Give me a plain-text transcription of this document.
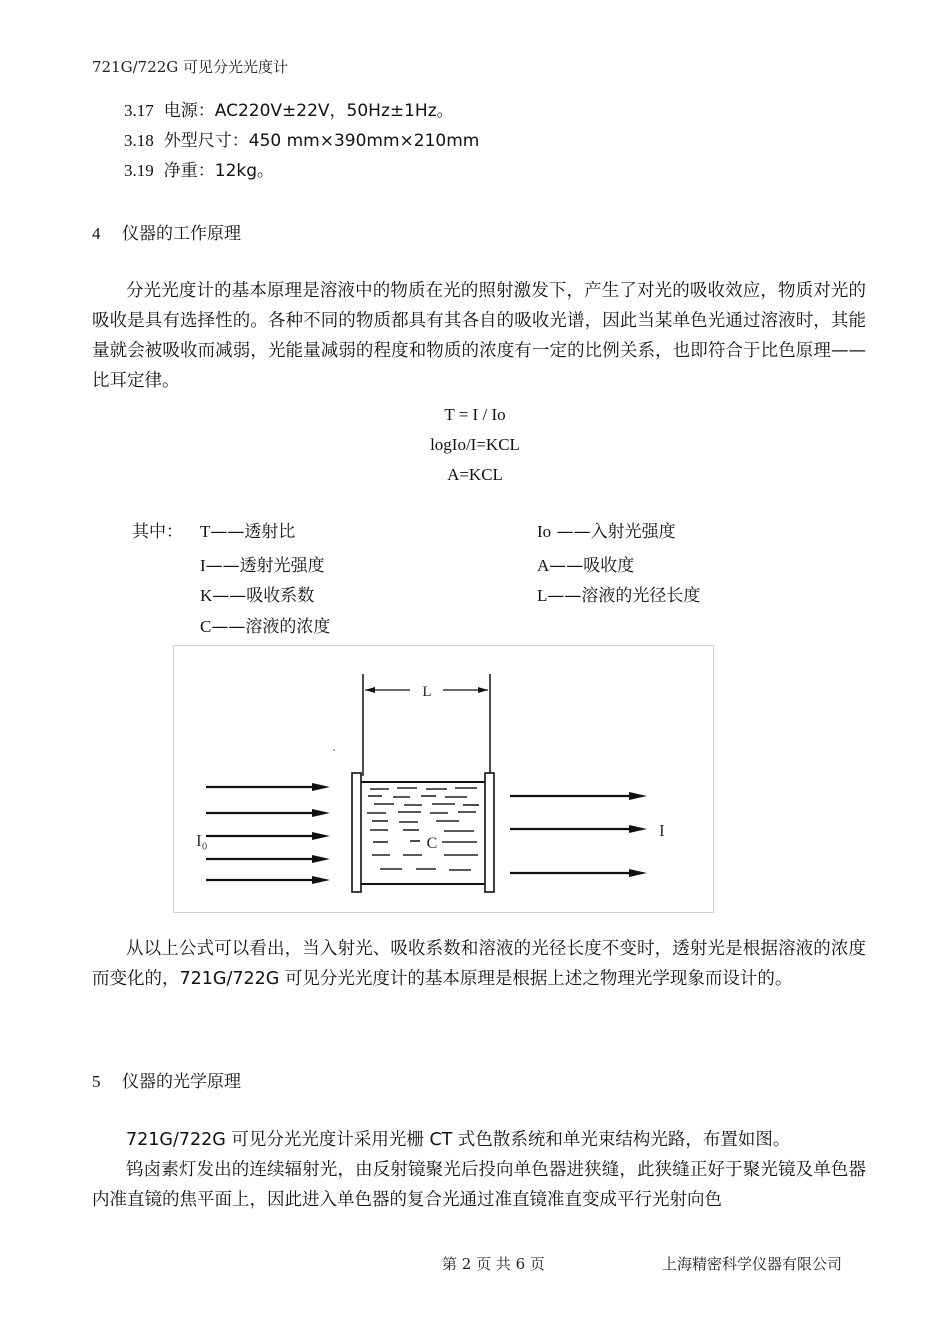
721G/722G 可见分光光度计
3.17 电源：AC220V±22V，50Hz±1Hz。
3.18 外型尺寸：450 mm×390mm×210mm
3.19 净重：12kg。
4 仪器的工作原理

分光光度计的基本原理是溶液中的物质在光的照射激发下，产生了对光的吸收效应，物质对光的吸收是具有选择性的。各种不同的物质都具有其各自的吸收光谱，因此当某单色光通过溶液时，其能量就会被吸收而减弱，光能量减弱的程度和物质的浓度有一定的比例关系，也即符合于比色原理——比耳定律。

T = I / Io
logIo/I=KCL
A=KCL
其中： T——透射比	Io ——入射光强度
I——透射光强度	A——吸收度
K——吸收系数	L——溶液的光径长度
C——溶液的浓度
L
I₀	C
I

从以上公式可以看出，当入射光、吸收系数和溶液的光径长度不变时，透射光是根据溶液的浓度而变化的，721G/722G 可见分光光度计的基本原理是根据上述之物理光学现象而设计的。

5 仪器的光学原理

721G/722G 可见分光光度计采用光栅 CT 式色散系统和单光束结构光路，布置如图。

钨卤素灯发出的连续辐射光，由反射镜聚光后投向单色器进狭缝，此狭缝正好于聚光镜及单色器内准直镜的焦平面上，因此进入单色器的复合光通过准直镜准直变成平行光射向色

第 2 页 共 6 页	上海精密科学仪器有限公司
